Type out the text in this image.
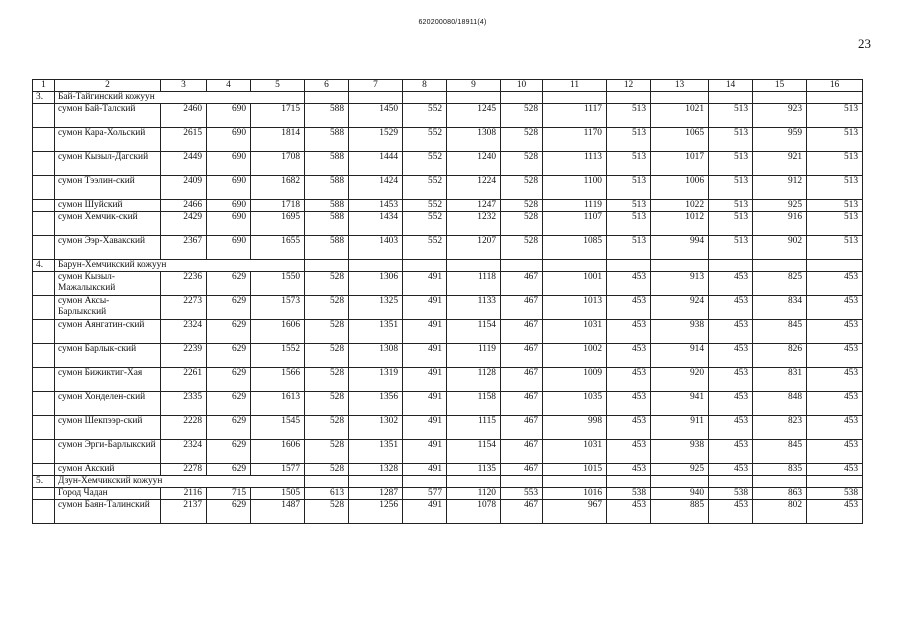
620200080/18911(4)
23
1	2	3	4	5	6	7	8	9	10	11	12	13	14	15	16
3.	Бай-Тайгинский кожуун														
	сумон Бай-Талский	2460	690	1715	588	1450	552	1245	528	1117	513	1021	513	923	513
	сумон Кара-Хольский	2615	690	1814	588	1529	552	1308	528	1170	513	1065	513	959	513
	сумон Кызыл-Дагский	2449	690	1708	588	1444	552	1240	528	1113	513	1017	513	921	513
	сумон Тээлин-ский	2409	690	1682	588	1424	552	1224	528	1100	513	1006	513	912	513
	сумон Шуйский	2466	690	1718	588	1453	552	1247	528	1119	513	1022	513	925	513
	сумон Хемчик-ский	2429	690	1695	588	1434	552	1232	528	1107	513	1012	513	916	513
	сумон Ээр-Хавакский	2367	690	1655	588	1403	552	1207	528	1085	513	994	513	902	513
4.	Барун-Хемчикский кожуун														
	сумон Кызыл-Мажалыкский	2236	629	1550	528	1306	491	1118	467	1001	453	913	453	825	453
	сумон Аксы-Барлыкский	2273	629	1573	528	1325	491	1133	467	1013	453	924	453	834	453
	сумон Аянгатин-ский	2324	629	1606	528	1351	491	1154	467	1031	453	938	453	845	453
	сумон Барлык-ский	2239	629	1552	528	1308	491	1119	467	1002	453	914	453	826	453
	сумон Бижиктиг-Хая	2261	629	1566	528	1319	491	1128	467	1009	453	920	453	831	453
	сумон Хонделен-ский	2335	629	1613	528	1356	491	1158	467	1035	453	941	453	848	453
	сумон Шекпээр-ский	2228	629	1545	528	1302	491	1115	467	998	453	911	453	823	453
	сумон Эрги-Барлыкский	2324	629	1606	528	1351	491	1154	467	1031	453	938	453	845	453
	сумон Акский	2278	629	1577	528	1328	491	1135	467	1015	453	925	453	835	453
5.	Дзун-Хемчикский кожуун														
	Город Чадан	2116	715	1505	613	1287	577	1120	553	1016	538	940	538	863	538
	сумон Баян-Талинский	2137	629	1487	528	1256	491	1078	467	967	453	885	453	802	453
